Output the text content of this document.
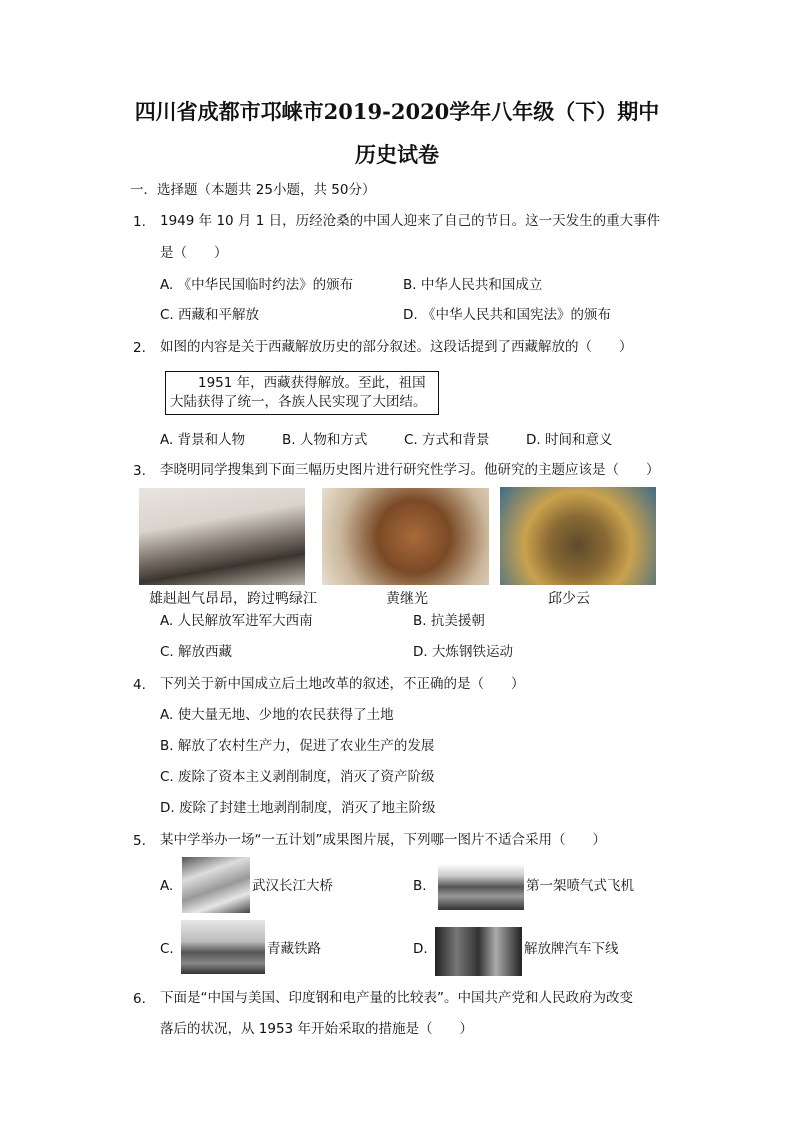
四川省成都市邛崃市2019-2020学年八年级（下）期中
历史试卷
一．选择题（本题共 25小题，共 50分）
1. 1949 年 10 月 1 日，历经沧桑的中国人迎来了自己的节日。这一天发生的重大事件
是（　　）
A. 《中华民国临时约法》的颁布	B. 中华人民共和国成立
C. 西藏和平解放	D. 《中华人民共和国宪法》的颁布
2. 如图的内容是关于西藏解放历史的部分叙述。这段话提到了西藏解放的（　　）
1951 年，西藏获得解放。至此，祖国
大陆获得了统一，各族人民实现了大团结。
A. 背景和人物	B. 人物和方式	C. 方式和背景	D. 时间和意义
3. 李晓明同学搜集到下面三幅历史图片进行研究性学习。他研究的主题应该是（　　）
雄赳赳气昂昂，跨过鸭绿江	黄继光	邱少云
A. 人民解放军进军大西南	B. 抗美援朝
C. 解放西藏	D. 大炼钢铁运动
4. 下列关于新中国成立后土地改革的叙述，不正确的是（　　）
A. 使大量无地、少地的农民获得了土地
B. 解放了农村生产力，促进了农业生产的发展
C. 废除了资本主义剥削制度，消灭了资产阶级
D. 废除了封建土地剥削制度，消灭了地主阶级
5. 某中学举办一场“一五计划”成果图片展，下列哪一图片不适合采用（　　）
A.	武汉长江大桥	B.	第一架喷气式飞机
C.	青藏铁路	D.	解放牌汽车下线
6. 下面是“中国与美国、印度钢和电产量的比较表”。中国共产党和人民政府为改变
落后的状况，从 1953 年开始采取的措施是（　　）
